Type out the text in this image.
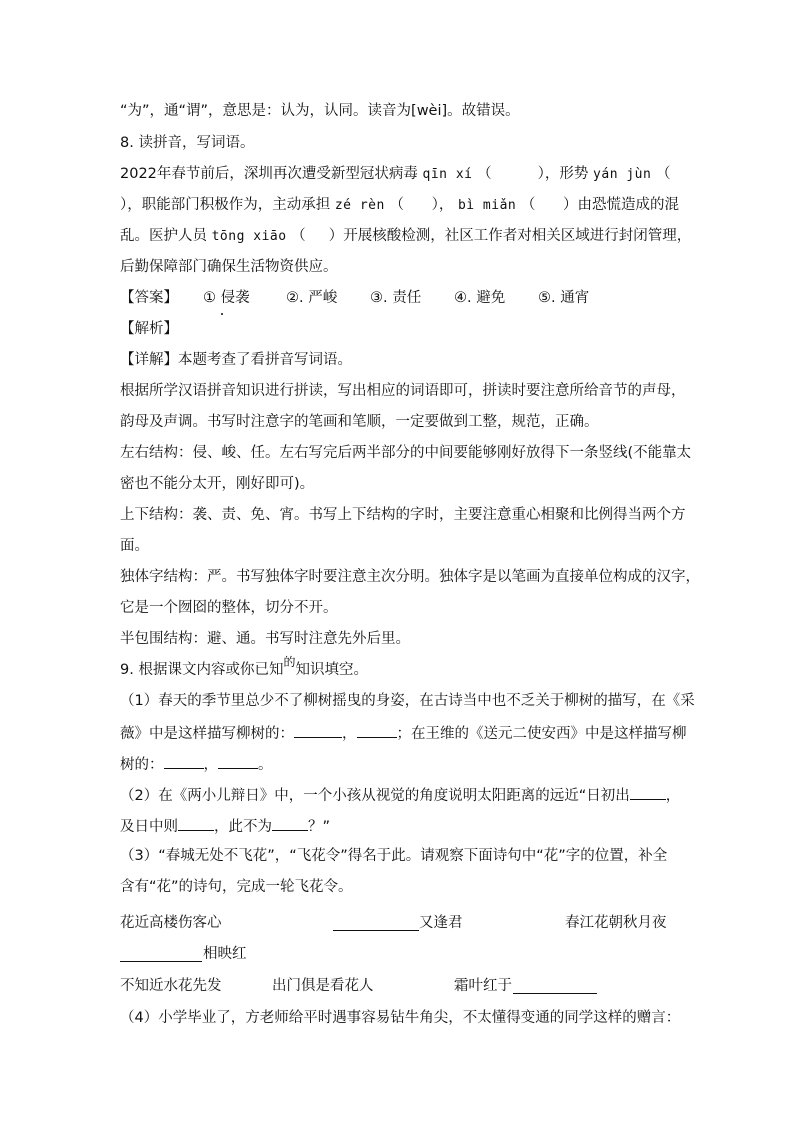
“为”，通“谓”，意思是：认为，认同。读音为[wèi]。故错误。
8. 读拼音，写词语。
2022年春节前后，深圳再次遭受新型冠状病毒 qīn xí （          ），形势 yán jùn （
），职能部门积极作为，主动承担 zé rèn （      ）， bì miǎn （      ）由恐慌造成的混
乱。医护人员 tōng xiāo （     ）开展核酸检测，社区工作者对相关区域进行封闭管理，
后勤保障部门确保生活物资供应。
【答案】 ① 侵袭	②. 严峻 ③. 责任 ④. 避免 ⑤. 通宵
【解析】
【详解】本题考查了看拼音写词语。
根据所学汉语拼音知识进行拼读，写出相应的词语即可，拼读时要注意所给音节的声母，
韵母及声调。书写时注意字的笔画和笔顺，一定要做到工整，规范，正确。
左右结构：侵、峻、任。左右写完后两半部分的中间要能够刚好放得下一条竖线(不能靠太
密也不能分太开，刚好即可)。
上下结构：袭、责、免、宵。书写上下结构的字时，主要注意重心相聚和比例得当两个方
面。
独体字结构：严。书写独体字时要注意主次分明。独体字是以笔画为直接单位构成的汉字，
它是一个囫囵的整体，切分不开。
半包围结构：避、通。书写时注意先外后里。
9. 根据课文内容或你已知$^的$知识填空。
（1）春天的季节里总少不了柳树摇曳的身姿，在古诗当中也不乏关于柳树的描写，在《采
薇》中是这样描写柳树的：	，	；在王维的《送元二使安西》中是这样描写柳
树的：	，	。
（2）在《两小儿辩日》中，一个小孩从视觉的角度说明太阳距离的远近“日初出 ，
及日中则 ，此不为 ？”
（3）“春城无处不飞花”，“飞花令”得名于此。请观察下面诗句中“花”字的位置，补全
含有“花”的诗句，完成一轮飞花令。
花近高楼伤客心	又逢君	春江花朝秋月夜
相映红
不知近水花先发	出门俱是看花人	霜叶红于
（4）小学毕业了，方老师给平时遇事容易钻牛角尖，不太懂得变通的同学这样的赠言：
